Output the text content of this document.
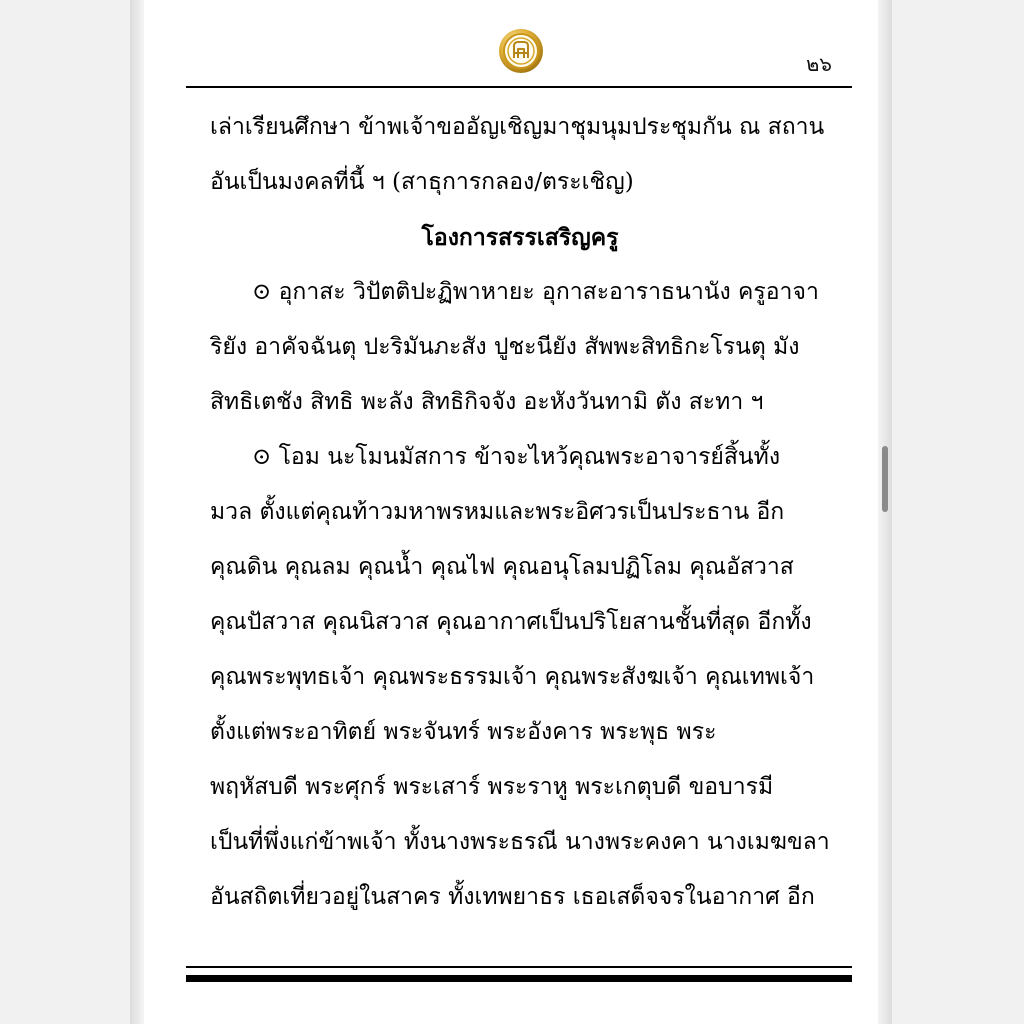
๒๖
เล่าเรียนศึกษา ข้าพเจ้าขออัญเชิญมาชุมนุมประชุมกัน ณ สถาน
อันเป็นมงคลที่นี้ ฯ (สาธุการกลอง/ตระเชิญ)
โองการสรรเสริญครู
⊙ อุกาสะ วิปัตติปะฏิพาหายะ อุกาสะอาราธนานัง ครูอาจา
ริยัง อาคัจฉันตุ ปะริมันภะสัง ปูชะนียัง สัพพะสิทธิกะโรนตุ มัง
สิทธิเตชัง สิทธิ พะลัง สิทธิกิจจัง อะหังวันทามิ ตัง สะทา ฯ
⊙ โอม นะโมนมัสการ ข้าจะไหว้คุณพระอาจารย์สิ้นทั้ง
มวล ตั้งแต่คุณท้าวมหาพรหมและพระอิศวรเป็นประธาน อีก
คุณดิน คุณลม คุณน้ำ คุณไฟ คุณอนุโลมปฏิโลม คุณอัสวาส
คุณปัสวาส คุณนิสวาส คุณอากาศเป็นปริโยสานชั้นที่สุด อีกทั้ง
คุณพระพุทธเจ้า คุณพระธรรมเจ้า คุณพระสังฆเจ้า คุณเทพเจ้า
ตั้งแต่พระอาทิตย์ พระจันทร์ พระอังคาร พระพุธ พระ
พฤหัสบดี พระศุกร์ พระเสาร์ พระราหู พระเกตุบดี ขอบารมี
เป็นที่พึ่งแก่ข้าพเจ้า ทั้งนางพระธรณี นางพระคงคา นางเมฆขลา
อันสถิตเที่ยวอยู่ในสาคร ทั้งเทพยาธร เธอเสด็จจรในอากาศ อีก
